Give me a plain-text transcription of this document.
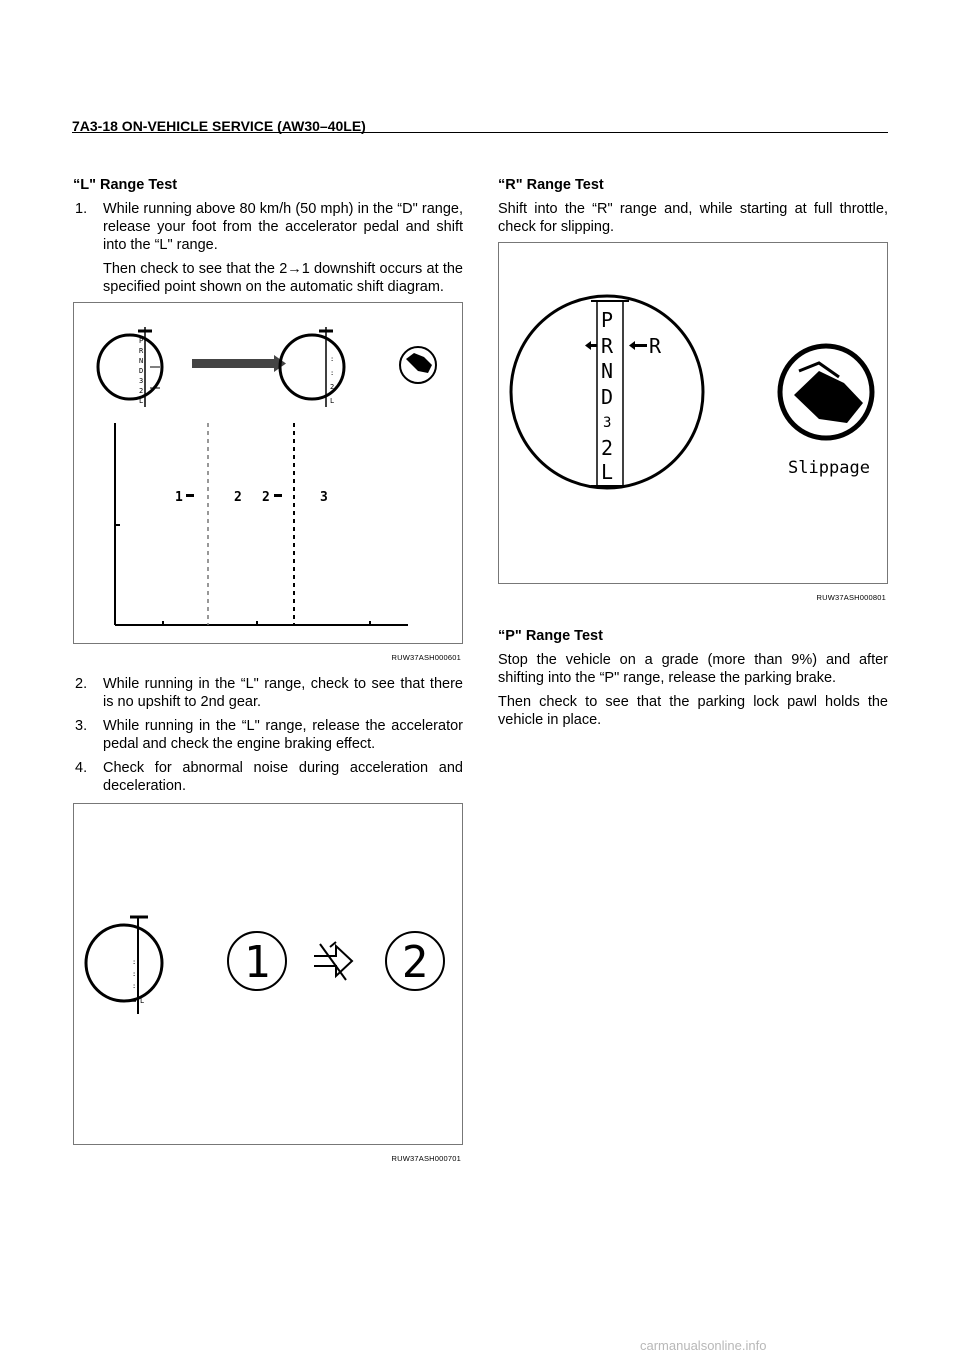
7A3-18 ON-VEHICLE SERVICE (AW30–40LE)
“L" Range Test
1. While running above 80 km/h (50 mph) in the “D" range, release your foot from the accelerator pedal and shift into the “L" range.
Then check to see that the 2→1 downshift occurs at the specified point shown on the automatic shift diagram.
P
R
N
D
3
2
L
:
:
2
L
1	2 2	3
RUW37ASH000601
2. While running in the “L" range, check to see that there is no upshift to 2nd gear.
3. While running in the “L" range, release the accelerator pedal and check the engine braking effect.
4. Check for abnormal noise during acceleration and deceleration.
:
:
:
L
1	2
RUW37ASH000701
“R" Range Test

Shift into the “R" range and, while starting at full throttle, check for slipping.

P
R
N
D
3
2
L
R
Slippage
RUW37ASH000801
“P" Range Test

Stop the vehicle on a grade (more than 9%) and after shifting into the “P" range, release the parking brake.

Then check to see that the parking lock pawl holds the vehicle in place.

carmanualsonline.info
